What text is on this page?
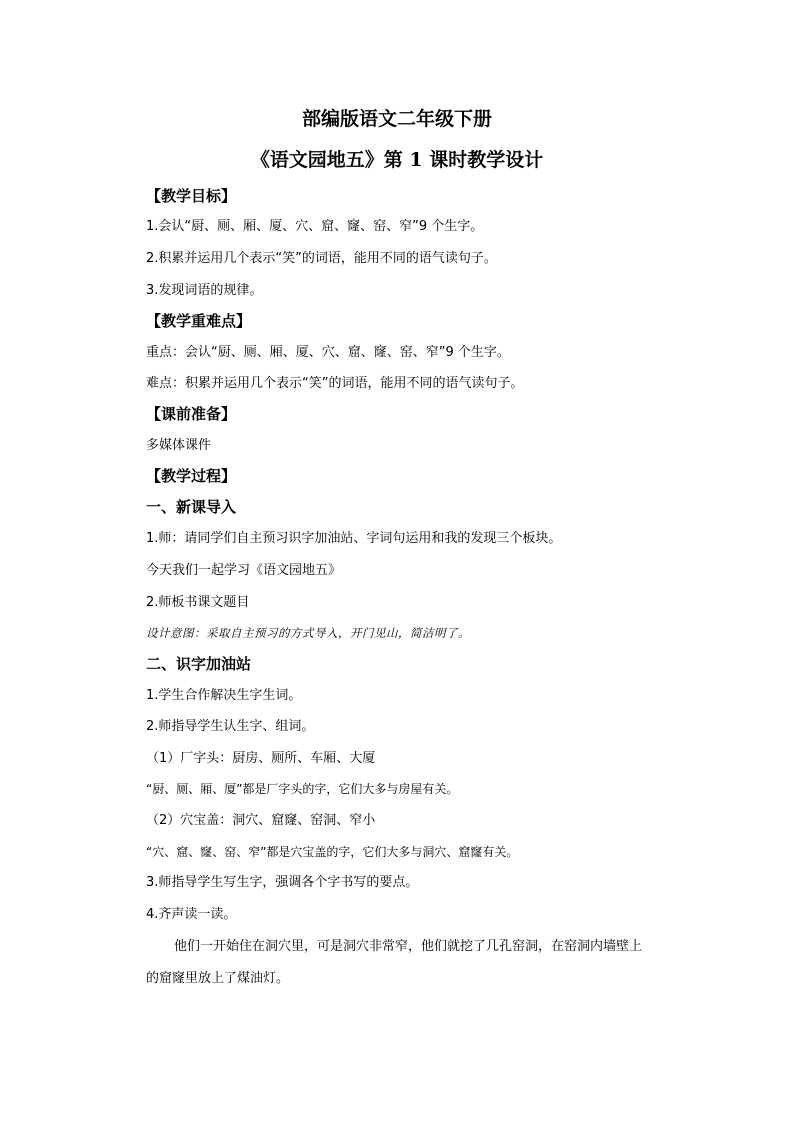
部编版语文二年级下册
《语文园地五》第 1 课时教学设计
【教学目标】
1.会认“厨、厕、厢、厦、穴、窟、窿、窑、窄”9 个生字。
2.积累并运用几个表示“笑”的词语，能用不同的语气读句子。
3.发现词语的规律。
【教学重难点】
重点：会认“厨、厕、厢、厦、穴、窟、窿、窑、窄”9 个生字。
难点：积累并运用几个表示“笑”的词语，能用不同的语气读句子。
【课前准备】
多媒体课件
【教学过程】
一、新课导入
1.师：请同学们自主预习识字加油站、字词句运用和我的发现三个板块。
今天我们一起学习《语文园地五》
2.师板书课文题目
设计意图：采取自主预习的方式导入，开门见山，简洁明了。
二、识字加油站
1.学生合作解决生字生词。
2.师指导学生认生字、组词。
（1）厂字头：厨房、厕所、车厢、大厦
“厨、厕、厢、厦”都是厂字头的字，它们大多与房屋有关。
（2）穴宝盖：洞穴、窟窿、窑洞、窄小
“穴、窟、窿、窑、窄”都是穴宝盖的字，它们大多与洞穴、窟窿有关。
3.师指导学生写生字，强调各个字书写的要点。
4.齐声读一读。
他们一开始住在洞穴里，可是洞穴非常窄，他们就挖了几孔窑洞，在窑洞内墙壁上
的窟窿里放上了煤油灯。
